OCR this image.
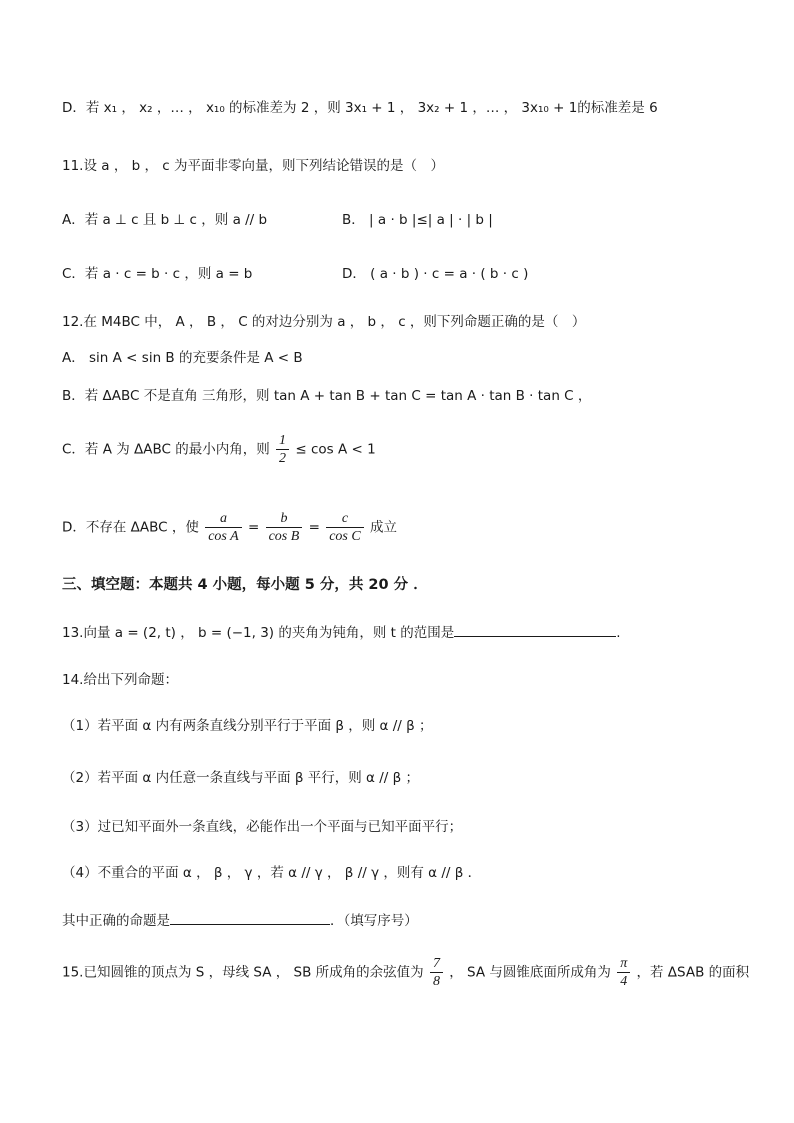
D．若 x₁ ， x₂ ，… ， x₁₀ 的标准差为 2 ，则 3x₁ + 1 ， 3x₂ + 1 ，… ， 3x₁₀ + 1的标准差是 6
11.设 a ， b ， c 为平面非零向量，则下列结论错误的是（　）
A．若 a ⊥ c 且 b ⊥ c ，则 a // b	B． | a · b |≤| a | · | b |
C．若 a · c = b · c ，则 a = b	D． ( a · b ) · c = a · ( b · c )
12.在 M4BC 中， A ， B ， C 的对边分别为 a ， b ， c ，则下列命题正确的是（　）
A． sin A < sin B 的充要条件是 A < B
B．若 ΔABC 不是直角 三角形，则 tan A + tan B + tan C = tan A · tan B · tan C ，
C．若 A 为 ΔABC 的最小内角，则 $\frac{1}{2} \le \cos A < 1$
D．不存在 ΔABC ，使 $\frac{a}{\text{cos A}} = \frac{b}{\text{cos B}} = \frac{c}{\text{cos C}}$ 成立
三、填空题：本题共 4 小题，每小题 5 分，共 20 分 ．
13.向量 a = (2, t) ， b = (−1, 3) 的夹角为钝角，则 t 的范围是	.
14.给出下列命题：
（1）若平面 α 内有两条直线分别平行于平面 β ，则 α // β ；
（2）若平面 α 内任意一条直线与平面 β 平行，则 α // β ；
（3）过已知平面外一条直线，必能作出一个平面与已知平面平行；
（4）不重合的平面 α ， β ， γ ，若 α // γ ， β // γ ，则有 α // β ．
其中正确的命题是	．（填写序号）
15.已知圆锥的顶点为 S ，母线 SA ， SB 所成角的余弦值为 $\frac{7}{8}$ ， SA 与圆锥底面所成角为 $\frac{\pi}{4}$ ，若 ΔSAB 的面积
